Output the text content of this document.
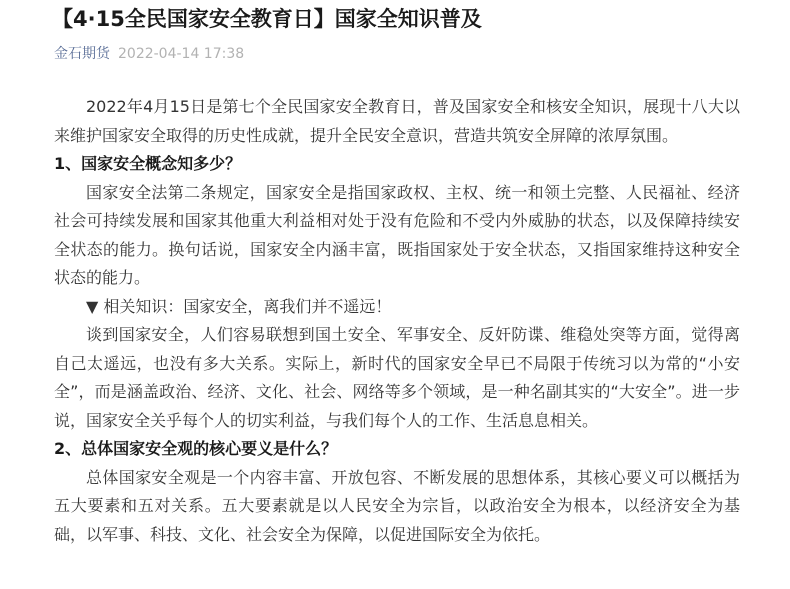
【4·15全民国家安全教育日】国家全知识普及
金石期货 2022-04-14 17:38

2022年4月15日是第七个全民国家安全教育日，普及国家安全和核安全知识，展现十八大以来维护国家安全取得的历史性成就，提升全民安全意识，营造共筑安全屏障的浓厚氛围。

1、国家安全概念知多少？

国家安全法第二条规定，国家安全是指国家政权、主权、统一和领土完整、人民福祉、经济社会可持续发展和国家其他重大利益相对处于没有危险和不受内外威胁的状态，以及保障持续安全状态的能力。换句话说，国家安全内涵丰富，既指国家处于安全状态，又指国家维持这种安全状态的能力。

▼ 相关知识：国家安全，离我们并不遥远！

谈到国家安全，人们容易联想到国土安全、军事安全、反奸防谍、维稳处突等方面，觉得离自己太遥远，也没有多大关系。实际上，新时代的国家安全早已不局限于传统习以为常的“小安全”，而是涵盖政治、经济、文化、社会、网络等多个领域，是一种名副其实的“大安全”。进一步说，国家安全关乎每个人的切实利益，与我们每个人的工作、生活息息相关。

2、总体国家安全观的核心要义是什么？

总体国家安全观是一个内容丰富、开放包容、不断发展的思想体系，其核心要义可以概括为五大要素和五对关系。五大要素就是以人民安全为宗旨，以政治安全为根本，以经济安全为基础，以军事、科技、文化、社会安全为保障，以促进国际安全为依托。
